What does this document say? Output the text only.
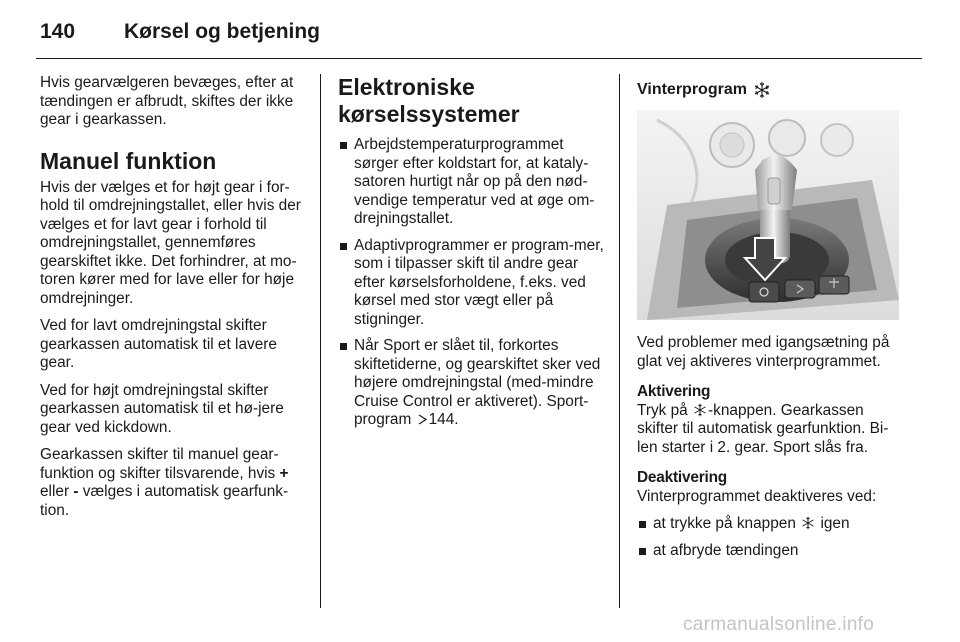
140 Kørsel og betjening

Hvis gearvælgeren bevæges, efter at tændingen er afbrudt, skiftes der ikke gear i gearkassen.

Manuel funktion

Hvis der vælges et for højt gear i for-hold til omdrejningstallet, eller hvis der vælges et for lavt gear i forhold til omdrejningstallet, gennemføres gearskiftet ikke. Det forhindrer, at mo-toren kører med for lave eller for høje omdrejninger.

Ved for lavt omdrejningstal skifter gearkassen automatisk til et lavere gear.

Ved for højt omdrejningstal skifter gearkassen automatisk til et hø-jere gear ved kickdown.

Gearkassen skifter til manuel gear-funktion og skifter tilsvarende, hvis + eller - vælges i automatisk gearfunk-tion.

Elektroniske kørselssystemer
Arbejdstemperaturprogrammet sørger efter koldstart for, at kataly-satoren hurtigt når op på den nød-vendige temperatur ved at øge om-drejningstallet.
Adaptivprogrammer er program-mer, som i tilpasser skift til andre gear efter kørselsforholdene, f.eks. ved kørsel med stor vægt eller på stigninger.
Når Sport er slået til, forkortes skiftetiderne, og gearskiftet sker ved højere omdrejningstal (med-mindre Cruise Control er aktiveret). Sport-program 144.
Vinterprogram

Ved problemer med igangsætning på glat vej aktiveres vinterprogrammet.

Aktivering

Tryk på -knappen. Gearkassen skifter til automatisk gearfunktion. Bi-len starter i 2. gear. Sport slås fra.

Deaktivering

Vinterprogrammet deaktiveres ved:

at trykke på knappen igen
at afbryde tændingen
carmanualsonline.info
